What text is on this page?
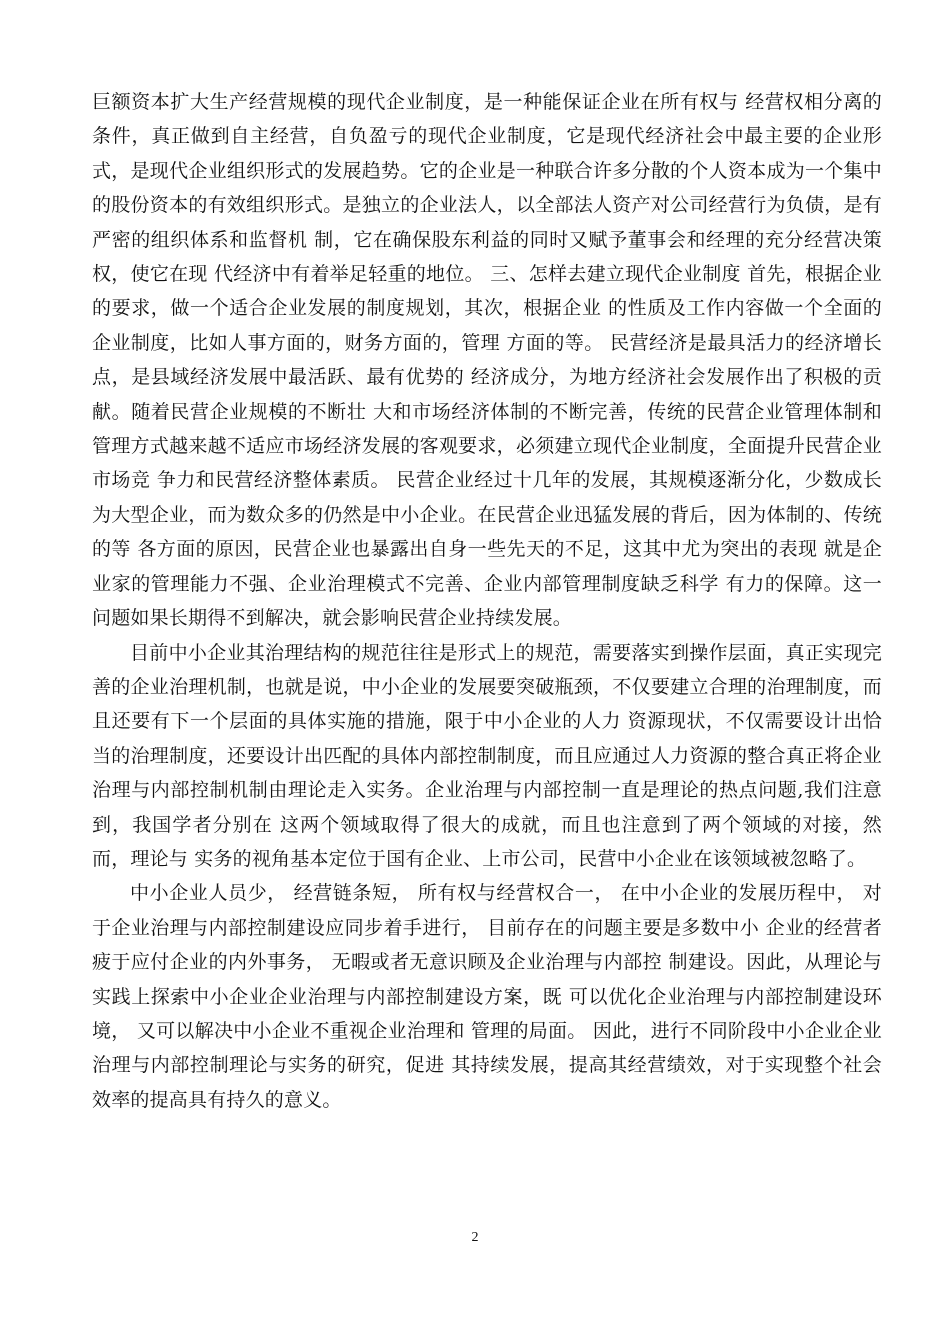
巨额资本扩大生产经营规模的现代企业制度，是一种能保证企业在所有权与 经营权相分离的条件，真正做到自主经营，自负盈亏的现代企业制度，它是现代经济社会中最主要的企业形式，是现代企业组织形式的发展趋势。它的企业是一种联合许多分散的个人资本成为一个集中的股份资本的有效组织形式。是独立的企业法人，以全部法人资产对公司经营行为负债，是有严密的组织体系和监督机 制，它在确保股东利益的同时又赋予董事会和经理的充分经营决策权，使它在现 代经济中有着举足轻重的地位。 三、怎样去建立现代企业制度 首先，根据企业的要求，做一个适合企业发展的制度规划，其次，根据企业 的性质及工作内容做一个全面的企业制度，比如人事方面的，财务方面的，管理 方面的等。 民营经济是最具活力的经济增长点，是县域经济发展中最活跃、最有优势的 经济成分，为地方经济社会发展作出了积极的贡献。随着民营企业规模的不断壮 大和市场经济体制的不断完善，传统的民营企业管理体制和管理方式越来越不适应市场经济发展的客观要求，必须建立现代企业制度，全面提升民营企业市场竞 争力和民营经济整体素质。 民营企业经过十几年的发展，其规模逐渐分化，少数成长为大型企业，而为数众多的仍然是中小企业。在民营企业迅猛发展的背后，因为体制的、传统的等 各方面的原因，民营企业也暴露出自身一些先天的不足，这其中尤为突出的表现 就是企业家的管理能力不强、企业治理模式不完善、企业内部管理制度缺乏科学 有力的保障。这一问题如果长期得不到解决，就会影响民营企业持续发展。

目前中小企业其治理结构的规范往往是形式上的规范，需要落实到操作层面，真正实现完善的企业治理机制，也就是说，中小企业的发展要突破瓶颈，不仅要建立合理的治理制度，而且还要有下一个层面的具体实施的措施，限于中小企业的人力 资源现状，不仅需要设计出恰当的治理制度，还要设计出匹配的具体内部控制制度，而且应通过人力资源的整合真正将企业治理与内部控制机制由理论走入实务。企业治理与内部控制一直是理论的热点问题,我们注意到，我国学者分别在 这两个领域取得了很大的成就，而且也注意到了两个领域的对接，然而，理论与 实务的视角基本定位于国有企业、上市公司，民营中小企业在该领域被忽略了。

中小企业人员少， 经营链条短， 所有权与经营权合一， 在中小企业的发展历程中， 对于企业治理与内部控制建设应同步着手进行， 目前存在的问题主要是多数中小 企业的经营者疲于应付企业的内外事务， 无暇或者无意识顾及企业治理与内部控 制建设。因此，从理论与实践上探索中小企业企业治理与内部控制建设方案，既 可以优化企业治理与内部控制建设环境， 又可以解决中小企业不重视企业治理和 管理的局面。 因此，进行不同阶段中小企业企业治理与内部控制理论与实务的研究，促进 其持续发展，提高其经营绩效，对于实现整个社会效率的提高具有持久的意义。

2
